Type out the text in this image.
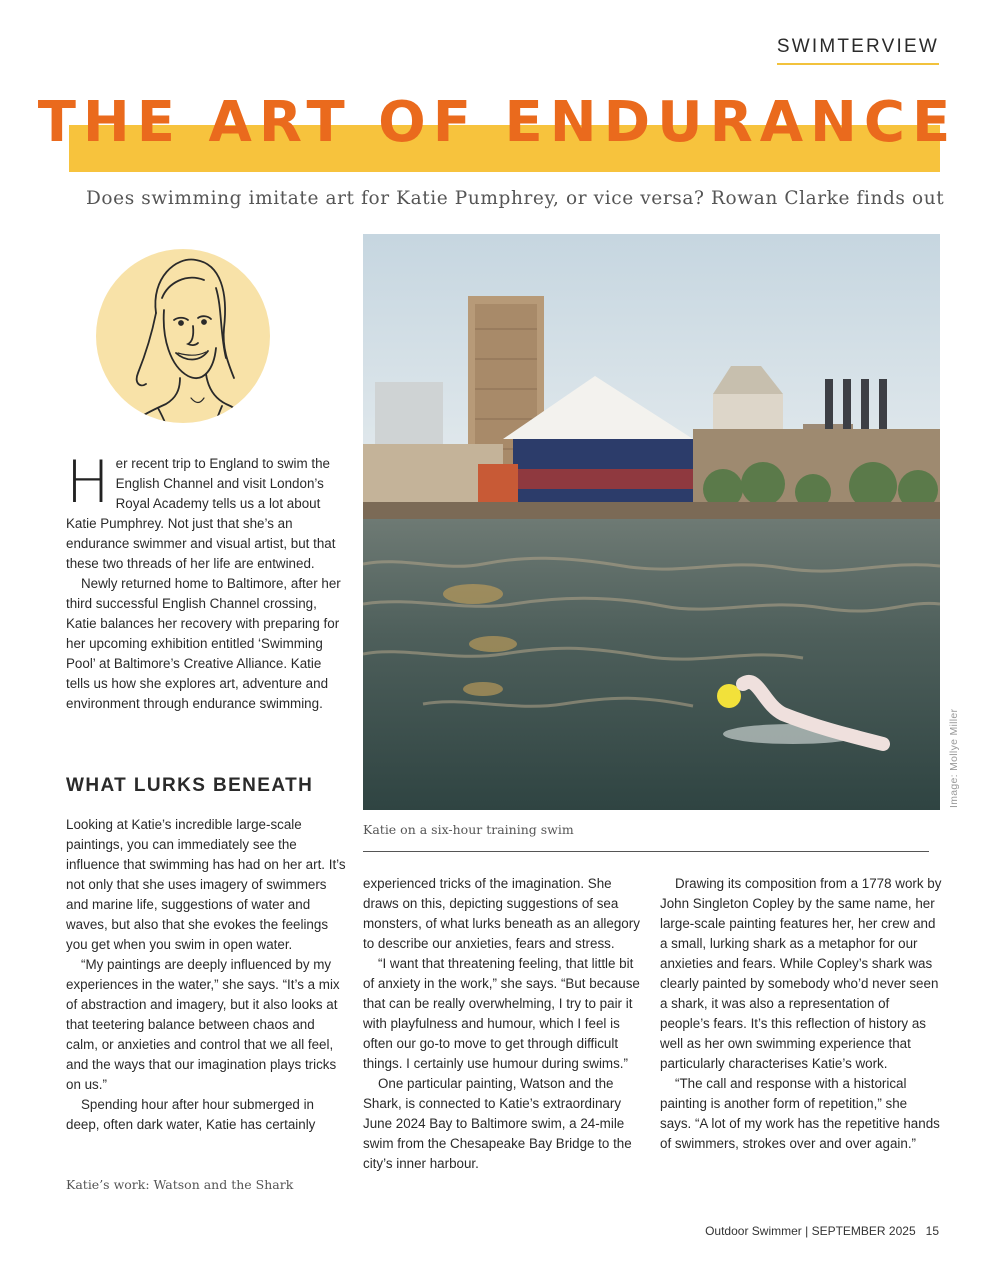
SWIMTERVIEW
THE ART OF ENDURANCE
Does swimming imitate art for Katie Pumphrey, or vice versa? Rowan Clarke finds out
H er recent trip to England to swim the English Channel and visit London’s Royal Academy tells us a lot about Katie Pumphrey. Not just that she’s an endurance swimmer and visual artist, but that these two threads of her life are entwined.

Newly returned home to Baltimore, after her third successful English Channel crossing, Katie balances her recovery with preparing for her upcoming exhibition entitled ‘Swimming Pool’ at Baltimore’s Creative Alliance. Katie tells us how she explores art, adventure and environment through endurance swimming.

WHAT LURKS BENEATH

Looking at Katie’s incredible large-scale paintings, you can immediately see the influence that swimming has had on her art. It’s not only that she uses imagery of swimmers and marine life, suggestions of water and waves, but also that she evokes the feelings you get when you swim in open water.

“My paintings are deeply influenced by my experiences in the water,” she says. “It’s a mix of abstraction and imagery, but it also looks at that teetering balance between chaos and calm, or anxieties and control that we all feel, and the ways that our imagination plays tricks on us.”

Spending hour after hour submerged in deep, often dark water, Katie has certainly

Katie’s work: Watson and the Shark
Image: Mollye Miller
Katie on a six-hour training swim

experienced tricks of the imagination. She draws on this, depicting suggestions of sea monsters, of what lurks beneath as an allegory to describe our anxieties, fears and stress.

“I want that threatening feeling, that little bit of anxiety in the work,” she says. “But because that can be really overwhelming, I try to pair it with playfulness and humour, which I feel is often our go-to move to get through difficult things. I certainly use humour during swims.”

One particular painting, Watson and the Shark, is connected to Katie’s extraordinary June 2024 Bay to Baltimore swim, a 24-mile swim from the Chesapeake Bay Bridge to the city’s inner harbour.

Drawing its composition from a 1778 work by John Singleton Copley by the same name, her large-scale painting features her, her crew and a small, lurking shark as a metaphor for our anxieties and fears. While Copley’s shark was clearly painted by somebody who’d never seen a shark, it was also a representation of people’s fears. It’s this reflection of history as well as her own swimming experience that particularly characterises Katie’s work.

“The call and response with a historical painting is another form of repetition,” she says. “A lot of my work has the repetitive hands of swimmers, strokes over and over again.”

Outdoor Swimmer | SEPTEMBER 2025 15
